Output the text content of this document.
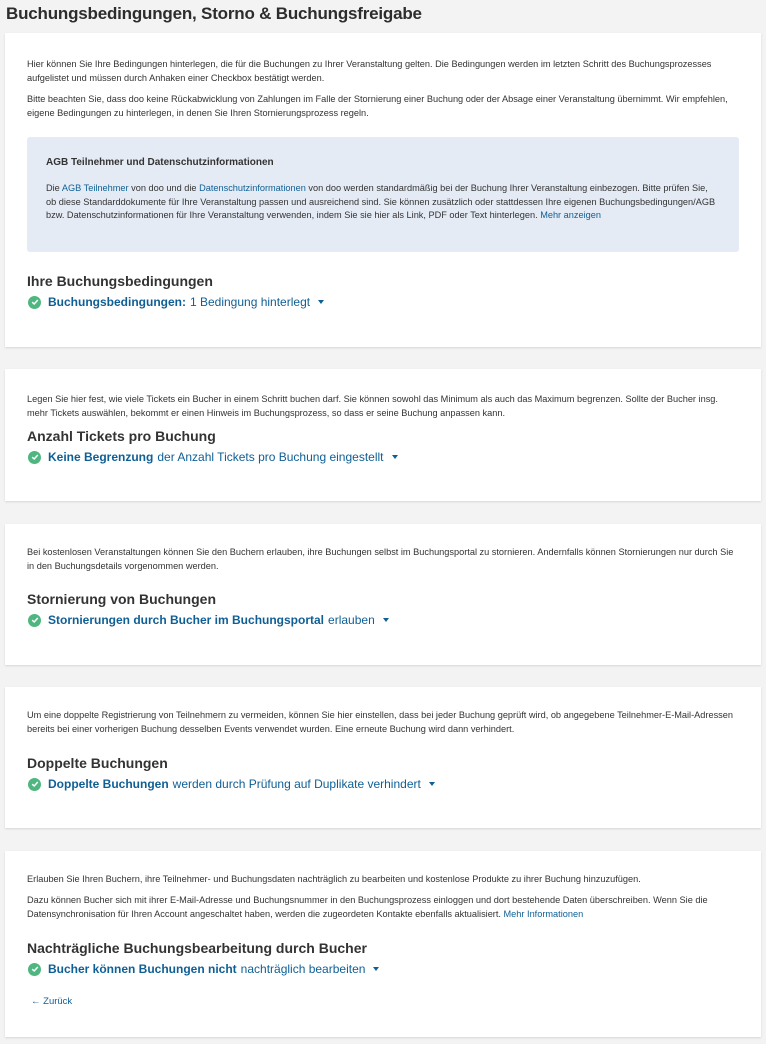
Buchungsbedingungen, Storno & Buchungsfreigabe

Hier können Sie Ihre Bedingungen hinterlegen, die für die Buchungen zu Ihrer Veranstaltung gelten. Die Bedingungen werden im letzten Schritt des Buchungsprozesses aufgelistet und müssen durch Anhaken einer Checkbox bestätigt werden.

Bitte beachten Sie, dass doo keine Rückabwicklung von Zahlungen im Falle der Stornierung einer Buchung oder der Absage einer Veranstaltung übernimmt. Wir empfehlen, eigene Bedingungen zu hinterlegen, in denen Sie Ihren Stornierungsprozess regeln.

AGB Teilnehmer und Datenschutzinformationen

Die AGB Teilnehmer von doo und die Datenschutzinformationen von doo werden standardmäßig bei der Buchung Ihrer Veranstaltung einbezogen. Bitte prüfen Sie, ob diese Standarddokumente für Ihre Veranstaltung passen und ausreichend sind. Sie können zusätzlich oder stattdessen Ihre eigenen Buchungsbedingungen/AGB bzw. Datenschutzinformationen für Ihre Veranstaltung verwenden, indem Sie sie hier als Link, PDF oder Text hinterlegen. Mehr anzeigen

Ihre Buchungsbedingungen
Buchungsbedingungen: 1 Bedingung hinterlegt

Legen Sie hier fest, wie viele Tickets ein Bucher in einem Schritt buchen darf. Sie können sowohl das Minimum als auch das Maximum begrenzen. Sollte der Bucher insg. mehr Tickets auswählen, bekommt er einen Hinweis im Buchungsprozess, so dass er seine Buchung anpassen kann.

Anzahl Tickets pro Buchung
Keine Begrenzung der Anzahl Tickets pro Buchung eingestellt

Bei kostenlosen Veranstaltungen können Sie den Buchern erlauben, ihre Buchungen selbst im Buchungsportal zu stornieren. Andernfalls können Stornierungen nur durch Sie in den Buchungsdetails vorgenommen werden.

Stornierung von Buchungen
Stornierungen durch Bucher im Buchungsportal erlauben

Um eine doppelte Registrierung von Teilnehmern zu vermeiden, können Sie hier einstellen, dass bei jeder Buchung geprüft wird, ob angegebene Teilnehmer-E-Mail-Adressen bereits bei einer vorherigen Buchung desselben Events verwendet wurden. Eine erneute Buchung wird dann verhindert.

Doppelte Buchungen
Doppelte Buchungen werden durch Prüfung auf Duplikate verhindert

Erlauben Sie Ihren Buchern, ihre Teilnehmer- und Buchungsdaten nachträglich zu bearbeiten und kostenlose Produkte zu ihrer Buchung hinzuzufügen.

Dazu können Bucher sich mit ihrer E-Mail-Adresse und Buchungsnummer in den Buchungsprozess einloggen und dort bestehende Daten überschreiben. Wenn Sie die Datensynchronisation für Ihren Account angeschaltet haben, werden die zugeordeten Kontakte ebenfalls aktualisiert. Mehr Informationen

Nachträgliche Buchungsbearbeitung durch Bucher
Bucher können Buchungen nicht nachträglich bearbeiten
← Zurück
